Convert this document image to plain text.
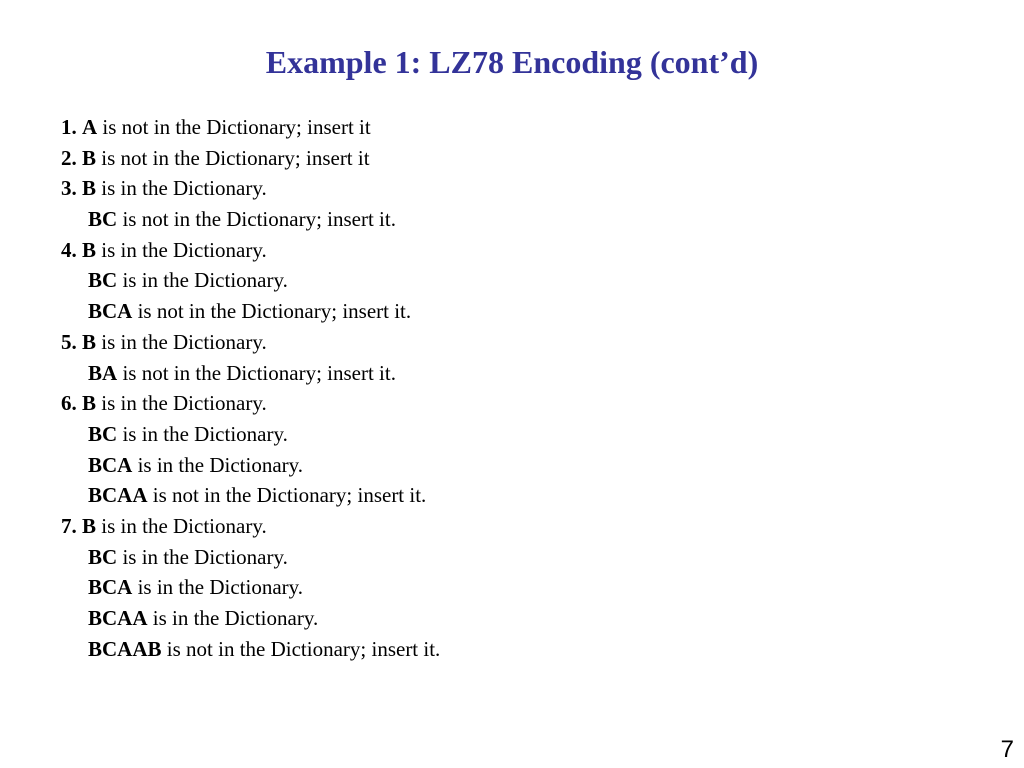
Example 1: LZ78 Encoding (cont’d)
1. A is not in the Dictionary; insert it
2. B is not in the Dictionary; insert it
3. B is in the Dictionary.
BC is not in the Dictionary; insert it.
4. B is in the Dictionary.
BC is in the Dictionary.
BCA is not in the Dictionary; insert it.
5. B is in the Dictionary.
BA is not in the Dictionary; insert it.
6. B is in the Dictionary.
BC is in the Dictionary.
BCA is in the Dictionary.
BCAA is not in the Dictionary; insert it.
7. B is in the Dictionary.
BC is in the Dictionary.
BCA is in the Dictionary.
BCAA is in the Dictionary.
BCAAB is not in the Dictionary; insert it.
7
